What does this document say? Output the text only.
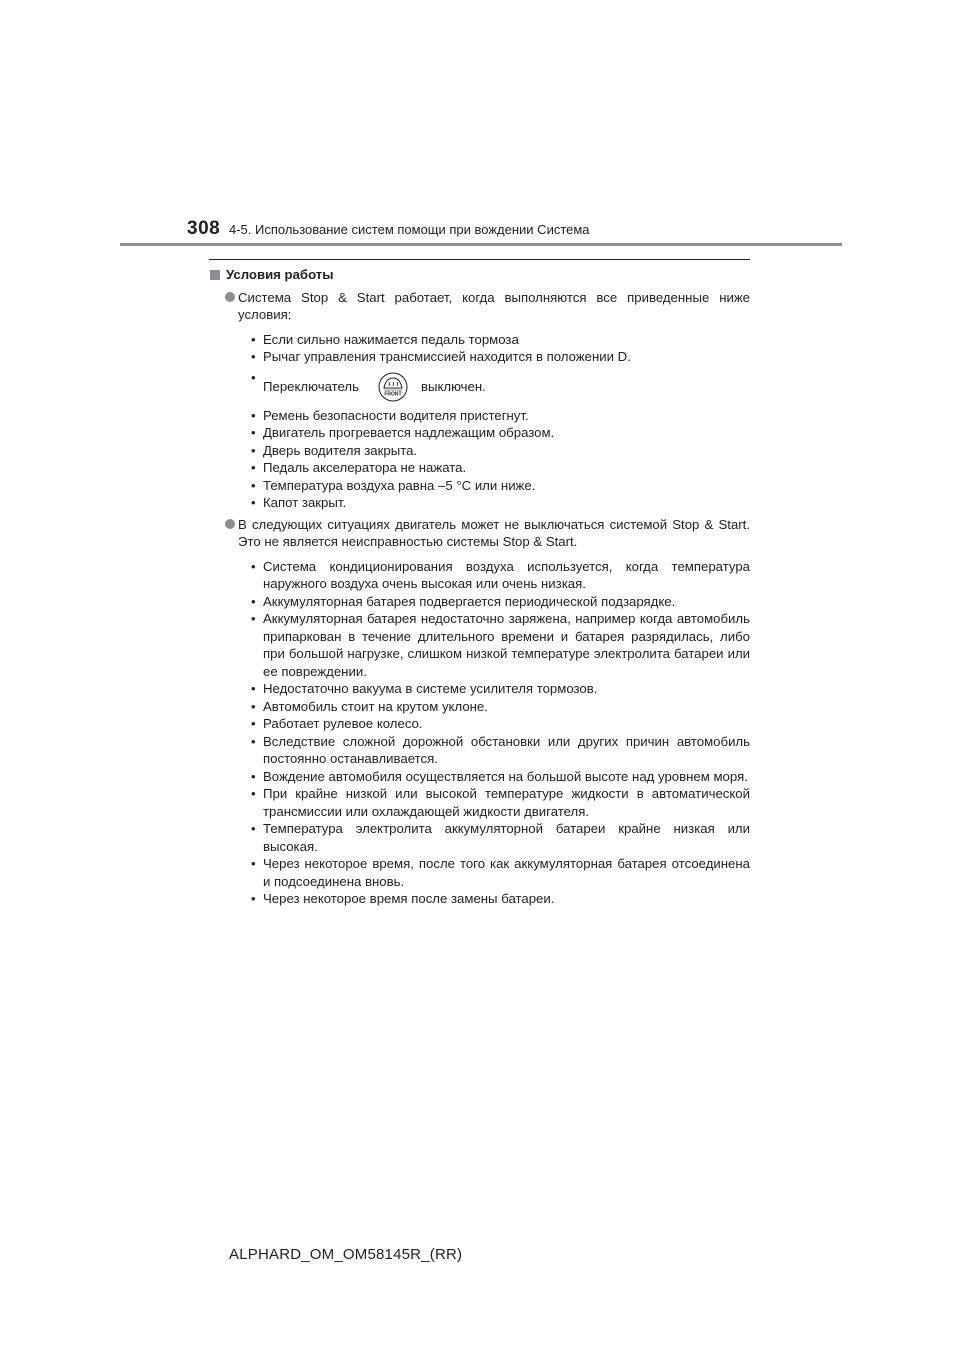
308 4-5. Использование систем помощи при вождении Система
Условия работы
Система Stop & Start работает, когда выполняются все приведенные ниже условия:
• Если сильно нажимается педаль тормоза
• Рычаг управления трансмиссией находится в положении D.
• Переключатель
FRONT
выключен.
• Ремень безопасности водителя пристегнут.
• Двигатель прогревается надлежащим образом.
• Дверь водителя закрыта.
• Педаль акселератора не нажата.
• Температура воздуха равна –5 °C или ниже.
• Капот закрыт.
В следующих ситуациях двигатель может не выключаться системой Stop & Start. Это не является неисправностью системы Stop & Start.
• Система кондиционирования воздуха используется, когда температура наружного воздуха очень высокая или очень низкая.
• Аккумуляторная батарея подвергается периодической подзарядке.
• Аккумуляторная батарея недостаточно заряжена, например когда автомобиль припаркован в течение длительного времени и батарея разрядилась, либо при большой нагрузке, слишком низкой температуре электролита батареи или ее повреждении.
• Недостаточно вакуума в системе усилителя тормозов.
• Автомобиль стоит на крутом уклоне.
• Работает рулевое колесо.
• Вследствие сложной дорожной обстановки или других причин автомобиль постоянно останавливается.
• Вождение автомобиля осуществляется на большой высоте над уровнем моря.
• При крайне низкой или высокой температуре жидкости в автоматической трансмиссии или охлаждающей жидкости двигателя.
• Температура электролита аккумуляторной батареи крайне низкая или высокая.
• Через некоторое время, после того как аккумуляторная батарея отсоединена и подсоединена вновь.
• Через некоторое время после замены батареи.
ALPHARD_OM_OM58145R_(RR)
